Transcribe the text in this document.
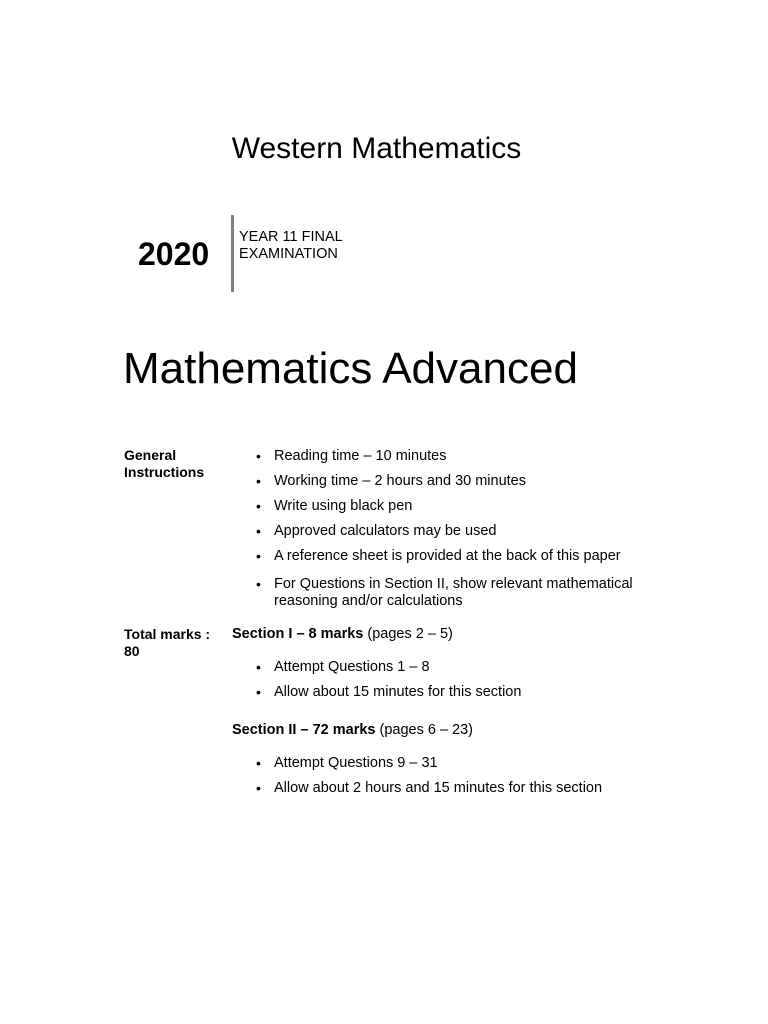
Western Mathematics
2020 YEAR 11 FINAL
EXAMINATION
Mathematics Advanced
General
Instructions
• Reading time – 10 minutes
• Working time – 2 hours and 30 minutes
• Write using black pen
• Approved calculators may be used
• A reference sheet is provided at the back of this paper
• For Questions in Section II, show relevant mathematical
reasoning and/or calculations
Total marks :
80
Section I – 8 marks (pages 2 – 5)
• Attempt Questions 1 – 8
• Allow about 15 minutes for this section
Section II – 72 marks (pages 6 – 23)
• Attempt Questions 9 – 31
• Allow about 2 hours and 15 minutes for this section
